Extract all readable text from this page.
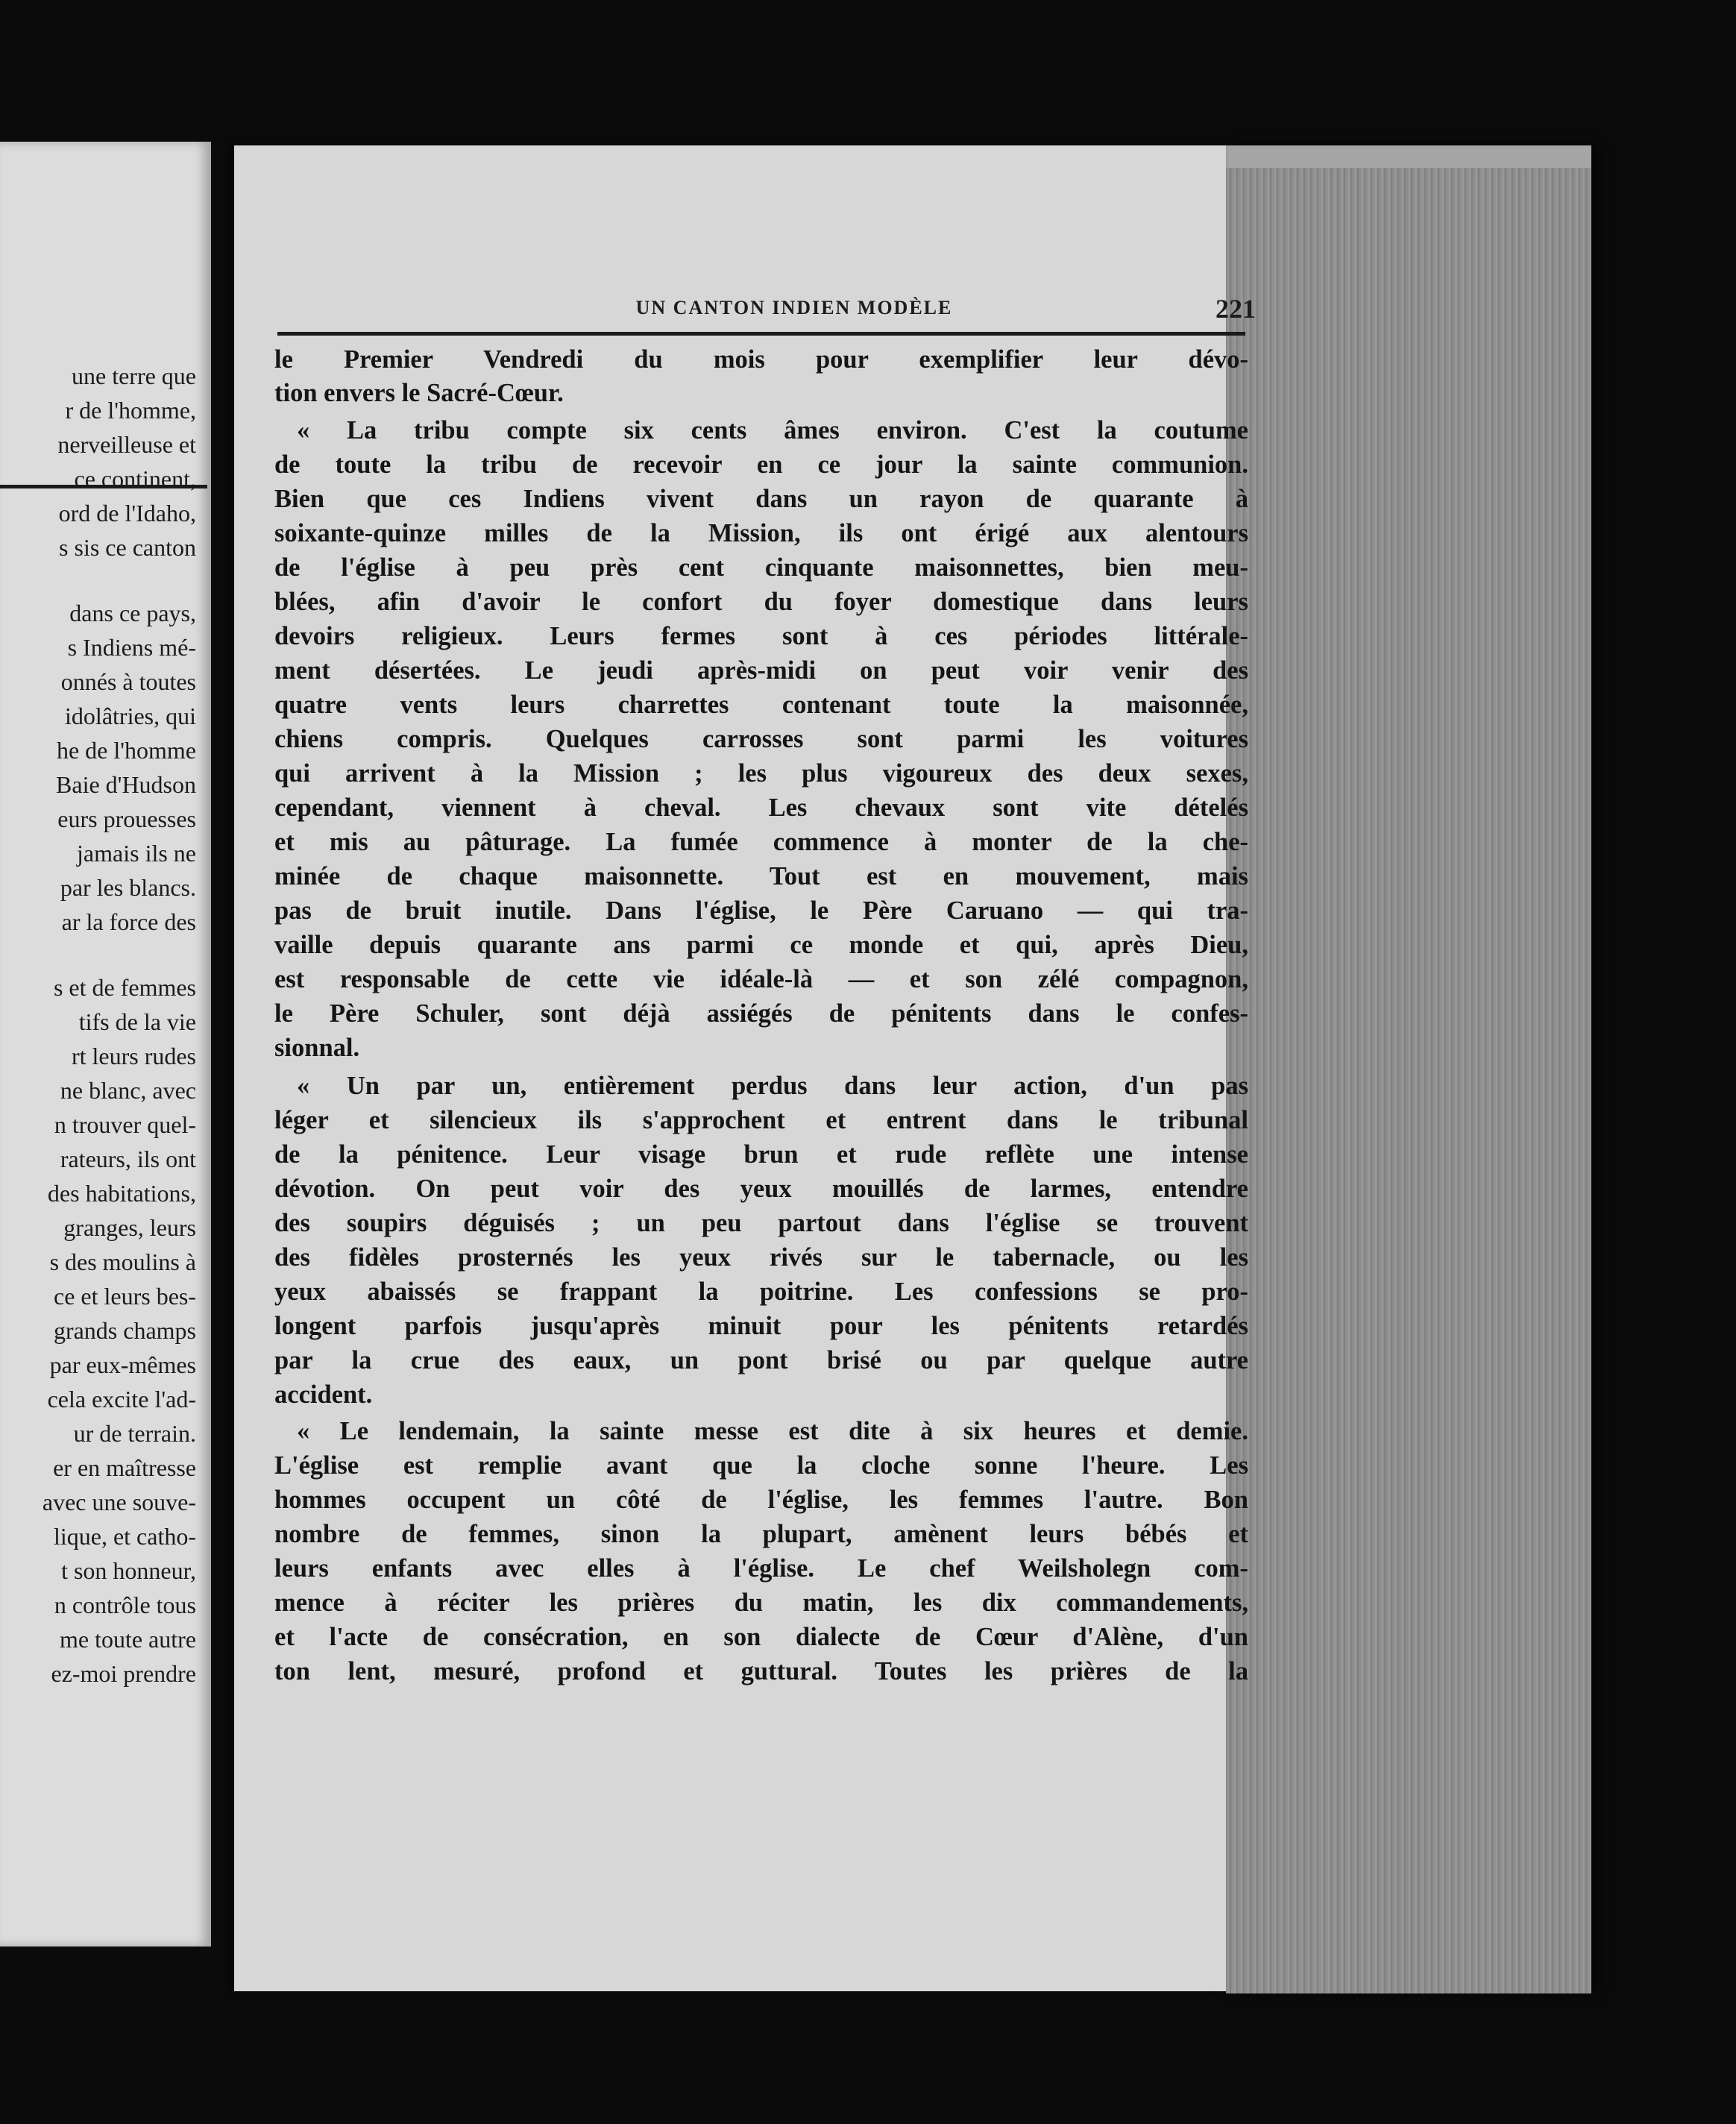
une terre que
r de l'homme,
nerveilleuse et
ce continent,
ord de l'Idaho,
s sis ce canton
dans ce pays,
s Indiens mé-
onnés à toutes
idolâtries, qui
he de l'homme
Baie d'Hudson
eurs prouesses
jamais ils ne
par les blancs.
ar la force des
s et de femmes
tifs de la vie
rt leurs rudes
ne blanc, avec
n trouver quel-
rateurs, ils ont
des habitations,
granges, leurs
s des moulins à
ce et leurs bes-
grands champs
par eux-mêmes
cela excite l'ad-
ur de terrain.
er en maîtresse
avec une souve-
lique, et catho-
t son honneur,
n contrôle tous
me toute autre
ez-moi prendre
UN CANTON INDIEN MODÈLE	221
le Premier Vendredi du mois pour exemplifier leur dévo-
tion envers le Sacré-Cœur.
« La tribu compte six cents âmes environ. C'est la coutume
de toute la tribu de recevoir en ce jour la sainte communion.
Bien que ces Indiens vivent dans un rayon de quarante à
soixante-quinze milles de la Mission, ils ont érigé aux alentours
de l'église à peu près cent cinquante maisonnettes, bien meu-
blées, afin d'avoir le confort du foyer domestique dans leurs
devoirs religieux. Leurs fermes sont à ces périodes littérale-
ment désertées. Le jeudi après-midi on peut voir venir des
quatre vents leurs charrettes contenant toute la maisonnée,
chiens compris. Quelques carrosses sont parmi les voitures
qui arrivent à la Mission ; les plus vigoureux des deux sexes,
cependant, viennent à cheval. Les chevaux sont vite dételés
et mis au pâturage. La fumée commence à monter de la che-
minée de chaque maisonnette. Tout est en mouvement, mais
pas de bruit inutile. Dans l'église, le Père Caruano — qui tra-
vaille depuis quarante ans parmi ce monde et qui, après Dieu,
est responsable de cette vie idéale-là — et son zélé compagnon,
le Père Schuler, sont déjà assiégés de pénitents dans le confes-
sionnal.
« Un par un, entièrement perdus dans leur action, d'un pas
léger et silencieux ils s'approchent et entrent dans le tribunal
de la pénitence. Leur visage brun et rude reflète une intense
dévotion. On peut voir des yeux mouillés de larmes, entendre
des soupirs déguisés ; un peu partout dans l'église se trouvent
des fidèles prosternés les yeux rivés sur le tabernacle, ou les
yeux abaissés se frappant la poitrine. Les confessions se pro-
longent parfois jusqu'après minuit pour les pénitents retardés
par la crue des eaux, un pont brisé ou par quelque autre
accident.
« Le lendemain, la sainte messe est dite à six heures et demie.
L'église est remplie avant que la cloche sonne l'heure. Les
hommes occupent un côté de l'église, les femmes l'autre. Bon
nombre de femmes, sinon la plupart, amènent leurs bébés et
leurs enfants avec elles à l'église. Le chef Weilsholegn com-
mence à réciter les prières du matin, les dix commandements,
et l'acte de consécration, en son dialecte de Cœur d'Alène, d'un
ton lent, mesuré, profond et guttural. Toutes les prières de la
